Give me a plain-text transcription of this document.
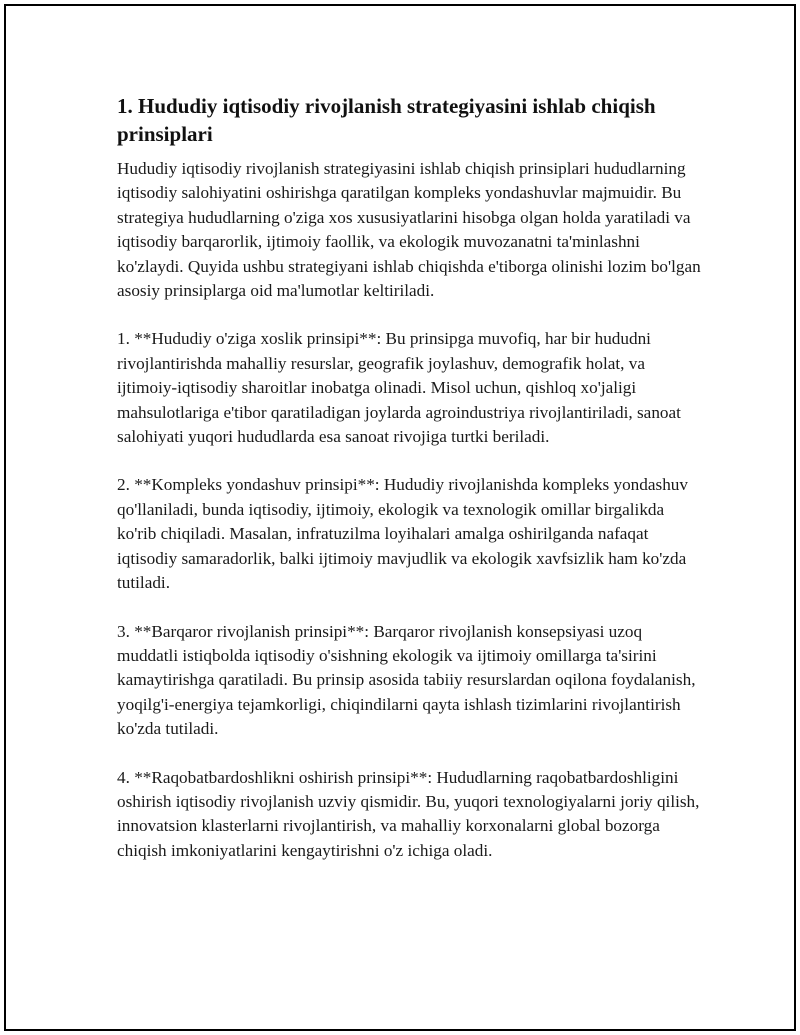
1. Hududiy iqtisodiy rivojlanish strategiyasini ishlab chiqish prinsiplari

Hududiy iqtisodiy rivojlanish strategiyasini ishlab chiqish prinsiplari hududlarning iqtisodiy salohiyatini oshirishga qaratilgan kompleks yondashuvlar majmuidir. Bu strategiya hududlarning o'ziga xos xususiyatlarini hisobga olgan holda yaratiladi va iqtisodiy barqarorlik, ijtimoiy faollik, va ekologik muvozanatni ta'minlashni ko'zlaydi. Quyida ushbu strategiyani ishlab chiqishda e'tiborga olinishi lozim bo'lgan asosiy prinsiplarga oid ma'lumotlar keltiriladi.

1. **Hududiy o'ziga xoslik prinsipi**: Bu prinsipga muvofiq, har bir hududni rivojlantirishda mahalliy resurslar, geografik joylashuv, demografik holat, va ijtimoiy-iqtisodiy sharoitlar inobatga olinadi. Misol uchun, qishloq xo'jaligi mahsulotlariga e'tibor qaratiladigan joylarda agroindustriya rivojlantiriladi, sanoat salohiyati yuqori hududlarda esa sanoat rivojiga turtki beriladi.

2. **Kompleks yondashuv prinsipi**: Hududiy rivojlanishda kompleks yondashuv qo'llaniladi, bunda iqtisodiy, ijtimoiy, ekologik va texnologik omillar birgalikda ko'rib chiqiladi. Masalan, infratuzilma loyihalari amalga oshirilganda nafaqat iqtisodiy samaradorlik, balki ijtimoiy mavjudlik va ekologik xavfsizlik ham ko'zda tutiladi.

3. **Barqaror rivojlanish prinsipi**: Barqaror rivojlanish konsepsiyasi uzoq muddatli istiqbolda iqtisodiy o'sishning ekologik va ijtimoiy omillarga ta'sirini kamaytirishga qaratiladi. Bu prinsip asosida tabiiy resurslardan oqilona foydalanish, yoqilg'i-energiya tejamkorligi, chiqindilarni qayta ishlash tizimlarini rivojlantirish ko'zda tutiladi.

4. **Raqobatbardoshlikni oshirish prinsipi**: Hududlarning raqobatbardoshligini oshirish iqtisodiy rivojlanish uzviy qismidir. Bu, yuqori texnologiyalarni joriy qilish, innovatsion klasterlarni rivojlantirish, va mahalliy korxonalarni global bozorga chiqish imkoniyatlarini kengaytirishni o'z ichiga oladi.
